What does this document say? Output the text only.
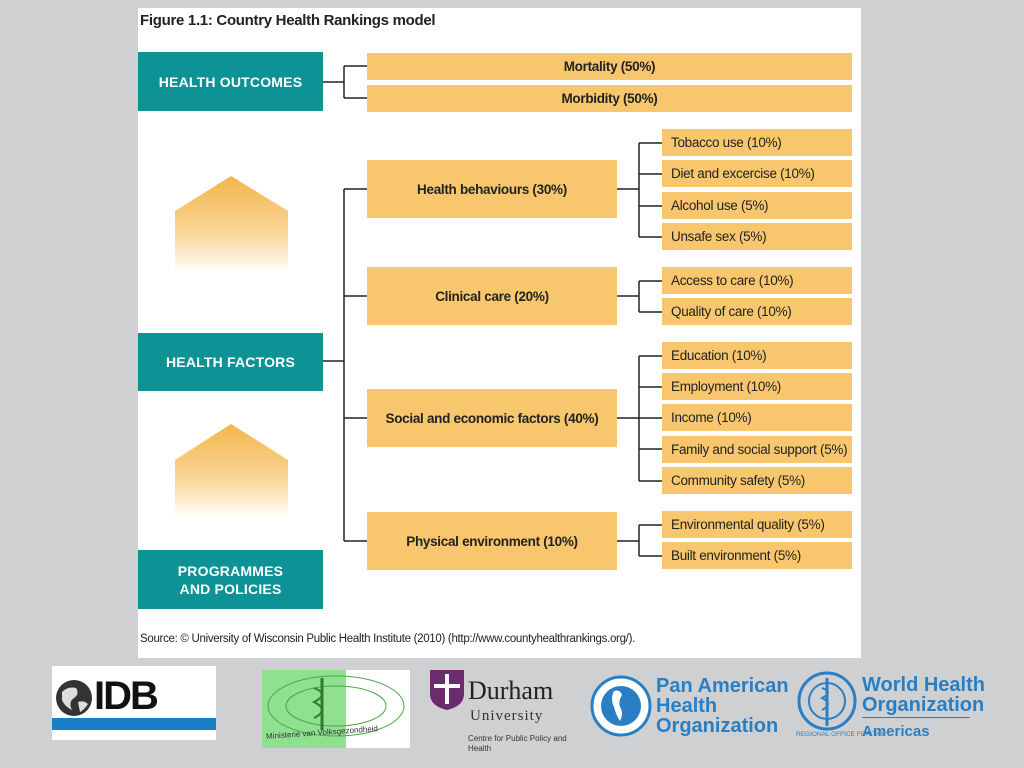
Figure 1.1: Country Health Rankings model
HEALTH OUTCOMES
HEALTH FACTORS
PROGRAMMES AND POLICIES
Mortality (50%)
Morbidity (50%)
Health behaviours (30%)
Clinical care (20%)
Social and economic factors (40%)
Physical environment (10%)
Tobacco use (10%)
Diet and excercise (10%)
Alcohol use (5%)
Unsafe sex (5%)
Access to care (10%)
Quality of care (10%)
Education (10%)
Employment (10%)
Income (10%)
Family and social support (5%)
Community safety (5%)
Environmental quality (5%)
Built environment (5%)
Source: © University of Wisconsin Public Health Institute (2010) (http://www.countyhealthrankings.org/).
IDB
Ministerie van Volksgezondheid
Durham
University
Centre for Public Policy and Health
Pan American
Health
Organization
World Health
Organization
REGIONAL OFFICE FOR THE
Americas
